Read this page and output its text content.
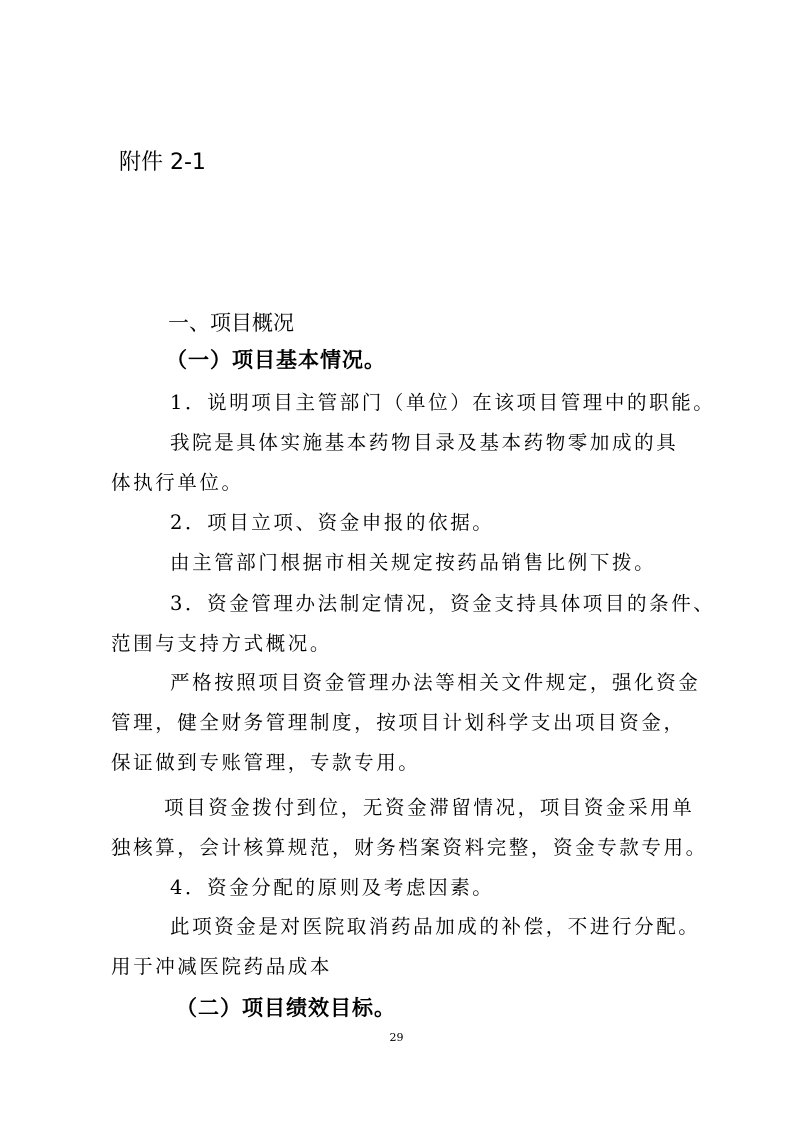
附件 2-1
一、项目概况
（一）项目基本情况。
1．说明项目主管部门（单位）在该项目管理中的职能。
我院是具体实施基本药物目录及基本药物零加成的具
体执行单位。
2．项目立项、资金申报的依据。
由主管部门根据市相关规定按药品销售比例下拨。
3．资金管理办法制定情况，资金支持具体项目的条件、
范围与支持方式概况。
严格按照项目资金管理办法等相关文件规定，强化资金
管理，健全财务管理制度，按项目计划科学支出项目资金，
保证做到专账管理，专款专用。
项目资金拨付到位，无资金滞留情况，项目资金采用单
独核算，会计核算规范，财务档案资料完整，资金专款专用。
4．资金分配的原则及考虑因素。
此项资金是对医院取消药品加成的补偿，不进行分配。
用于冲减医院药品成本
（二）项目绩效目标。
29
